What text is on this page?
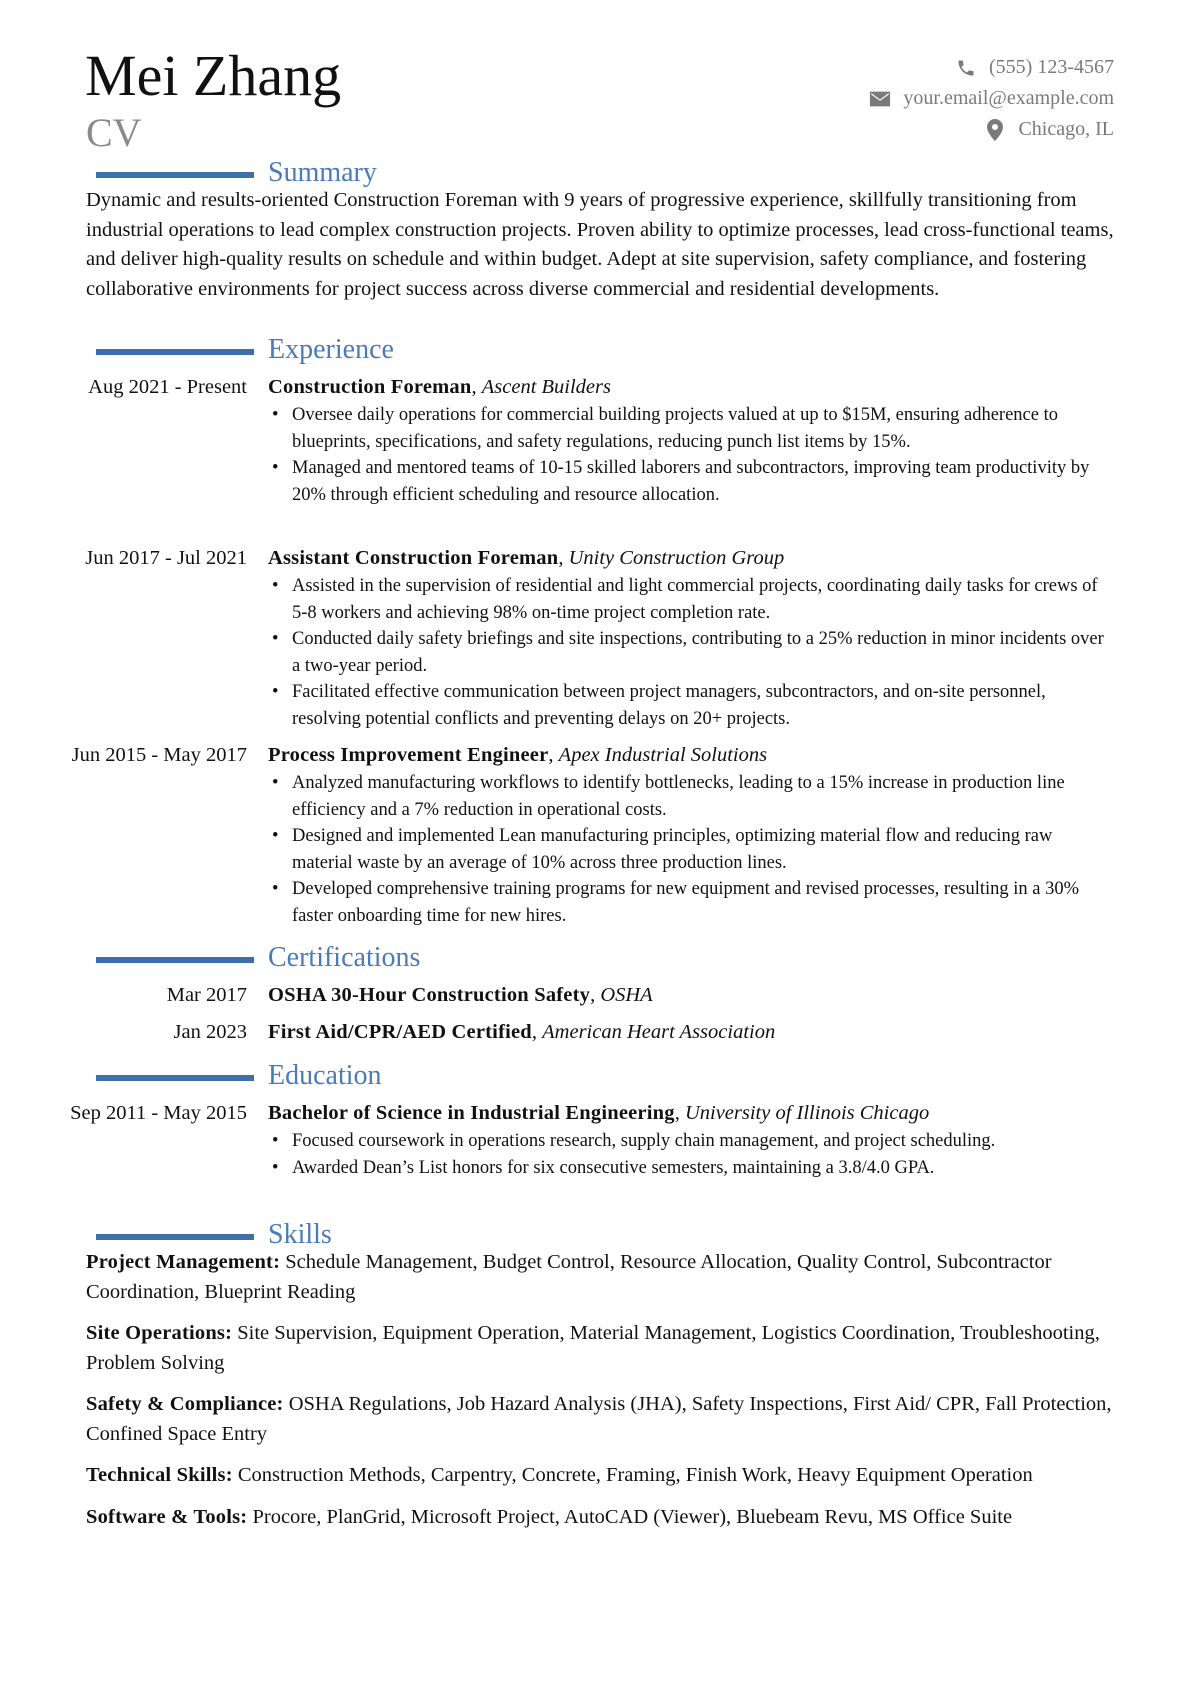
Mei Zhang
CV
(555) 123-4567
your.email@example.com
Chicago, IL
Summary
Dynamic and results-oriented Construction Foreman with 9 years of progressive experience, skillfully transitioning from industrial operations to lead complex construction projects. Proven ability to optimize processes, lead cross-functional teams, and deliver high-quality results on schedule and within budget. Adept at site supervision, safety compliance, and fostering collaborative environments for project success across diverse commercial and residential developments.
Experience
Aug 2021 - Present Construction Foreman, Ascent Builders
• Oversee daily operations for commercial building projects valued at up to $15M, ensuring adherence to blueprints, specifications, and safety regulations, reducing punch list items by 15%.
• Managed and mentored teams of 10-15 skilled laborers and subcontractors, improving team productivity by 20% through efficient scheduling and resource allocation.
Jun 2017 - Jul 2021 Assistant Construction Foreman, Unity Construction Group
• Assisted in the supervision of residential and light commercial projects, coordinating daily tasks for crews of 5-8 workers and achieving 98% on-time project completion rate.
• Conducted daily safety briefings and site inspections, contributing to a 25% reduction in minor incidents over a two-year period.
• Facilitated effective communication between project managers, subcontractors, and on-site personnel, resolving potential conflicts and preventing delays on 20+ projects.
Jun 2015 - May 2017 Process Improvement Engineer, Apex Industrial Solutions
• Analyzed manufacturing workflows to identify bottlenecks, leading to a 15% increase in production line efficiency and a 7% reduction in operational costs.
• Designed and implemented Lean manufacturing principles, optimizing material flow and reducing raw material waste by an average of 10% across three production lines.
• Developed comprehensive training programs for new equipment and revised processes, resulting in a 30% faster onboarding time for new hires.
Certifications
Mar 2017 OSHA 30-Hour Construction Safety, OSHA
Jan 2023 First Aid/CPR/AED Certified, American Heart Association
Education
Sep 2011 - May 2015 Bachelor of Science in Industrial Engineering, University of Illinois Chicago
• Focused coursework in operations research, supply chain management, and project scheduling.
• Awarded Dean’s List honors for six consecutive semesters, maintaining a 3.8/4.0 GPA.
Skills

Project Management: Schedule Management, Budget Control, Resource Allocation, Quality Control, Subcontractor Coordination, Blueprint Reading

Site Operations: Site Supervision, Equipment Operation, Material Management, Logistics Coordination, Troubleshooting, Problem Solving

Safety & Compliance: OSHA Regulations, Job Hazard Analysis (JHA), Safety Inspections, First Aid/ CPR, Fall Protection, Confined Space Entry

Technical Skills: Construction Methods, Carpentry, Concrete, Framing, Finish Work, Heavy Equipment Operation

Software & Tools: Procore, PlanGrid, Microsoft Project, AutoCAD (Viewer), Bluebeam Revu, MS Office Suite
